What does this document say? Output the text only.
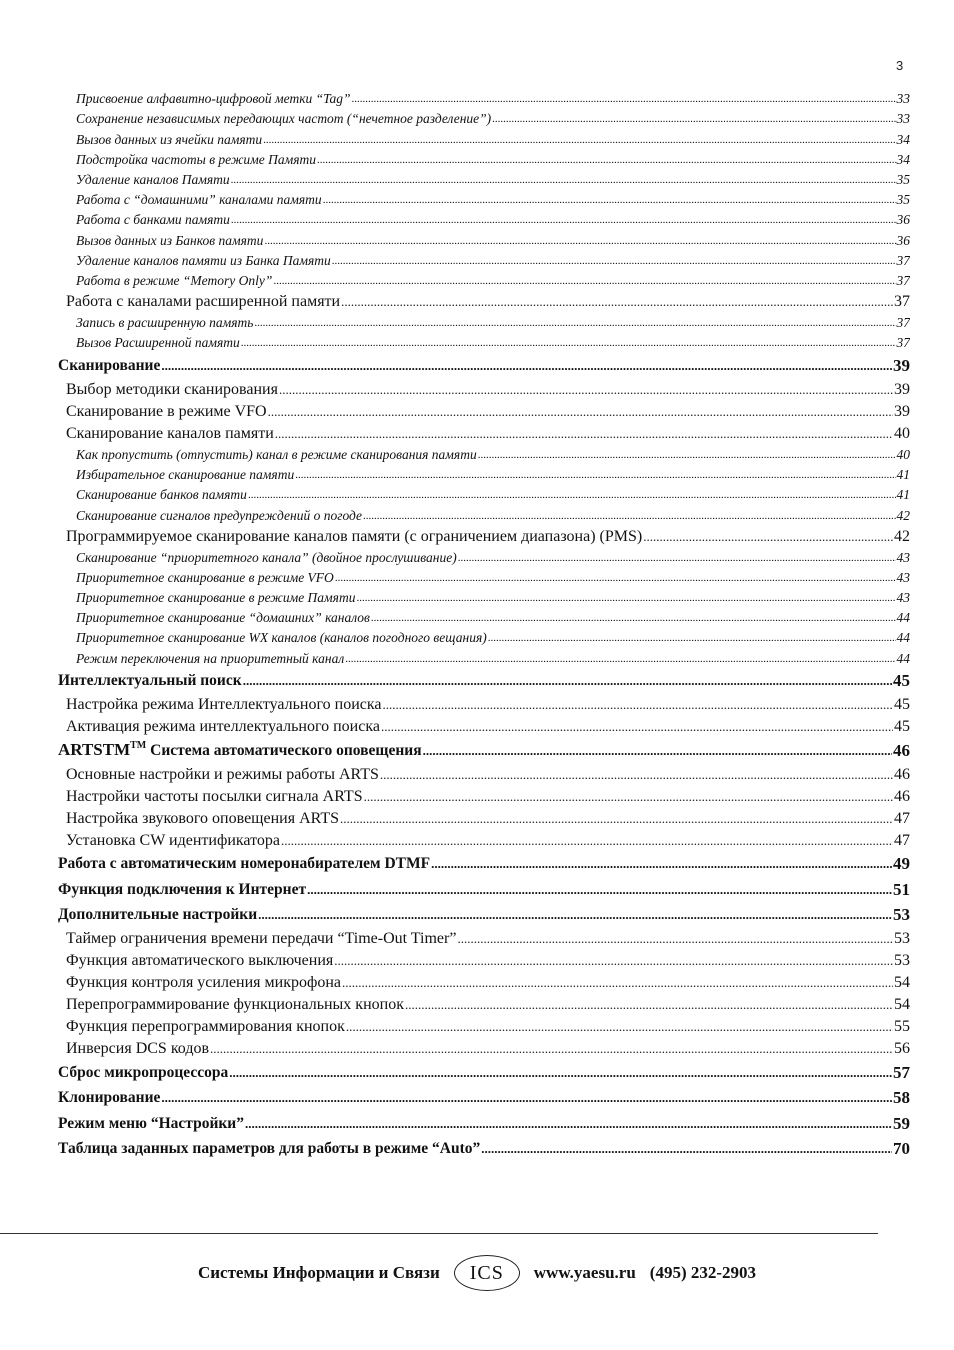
3
Присвоение алфавитно-цифровой метки “Tag” .....	33
Сохранение независимых передающих частот (“нечетное разделение”) .....	33
Вызов данных из ячейки памяти .....	34
Подстройка частоты в режиме Памяти .....	34
Удаление каналов Памяти .....	35
Работа с “домашними” каналами памяти .....	35
Работа с банками памяти .....	36
Вызов данных из Банков памяти .....	36
Удаление каналов памяти из Банка Памяти .....	37
Работа в режиме “Memory Only” .....	37
Работа с каналами расширенной памяти .....	37
Запись в расширенную память .....	37
Вызов Расширенной памяти .....	37
Сканирование .....	39
Выбор методики сканирования .....	39
Сканирование в режиме VFO .....	39
Сканирование каналов памяти .....	40
Как пропустить (отпустить) канал в режиме сканирования памяти .....	40
Избирательное сканирование памяти .....	41
Сканирование банков памяти .....	41
Сканирование сигналов предупреждений о погоде .....	42
Программируемое сканирование каналов памяти (с ограничением диапазона) (PMS) .....	42
Сканирование “приоритетного канала” (двойное прослушивание) .....	43
Приоритетное сканирование в режиме VFO .....	43
Приоритетное сканирование в режиме Памяти .....	43
Приоритетное сканирование “домашних” каналов .....	44
Приоритетное сканирование WX каналов (каналов погодного вещания) .....	44
Режим переключения на приоритетный канал .....	44
Интеллектуальный поиск .....	45
Настройка режима Интеллектуального поиска .....	45
Активация режима интеллектуального поиска .....	45
ARTSTM™ Система автоматического оповещения .....	46
Основные настройки и режимы работы ARTS .....	46
Настройки частоты посылки сигнала ARTS .....	46
Настройка звукового оповещения ARTS .....	47
Установка CW идентификатора .....	47
Работа с автоматическим номеронабирателем DTMF .....	49
Функция подключения к Интернет .....	51
Дополнительные настройки .....	53
Таймер ограничения времени передачи “Time-Out Timer” .....	53
Функция автоматического выключения .....	53
Функция контроля усиления микрофона .....	54
Перепрограммирование функциональных кнопок .....	54
Функция перепрограммирования кнопок .....	55
Инверсия DCS кодов .....	56
Сброс микропроцессора .....	57
Клонирование .....	58
Режим меню “Настройки” .....	59
Таблица заданных параметров для работы в режиме “Auto” .....	70
Системы Информации и Связи	ICS	www.yaesu.ru (495) 232-2903
